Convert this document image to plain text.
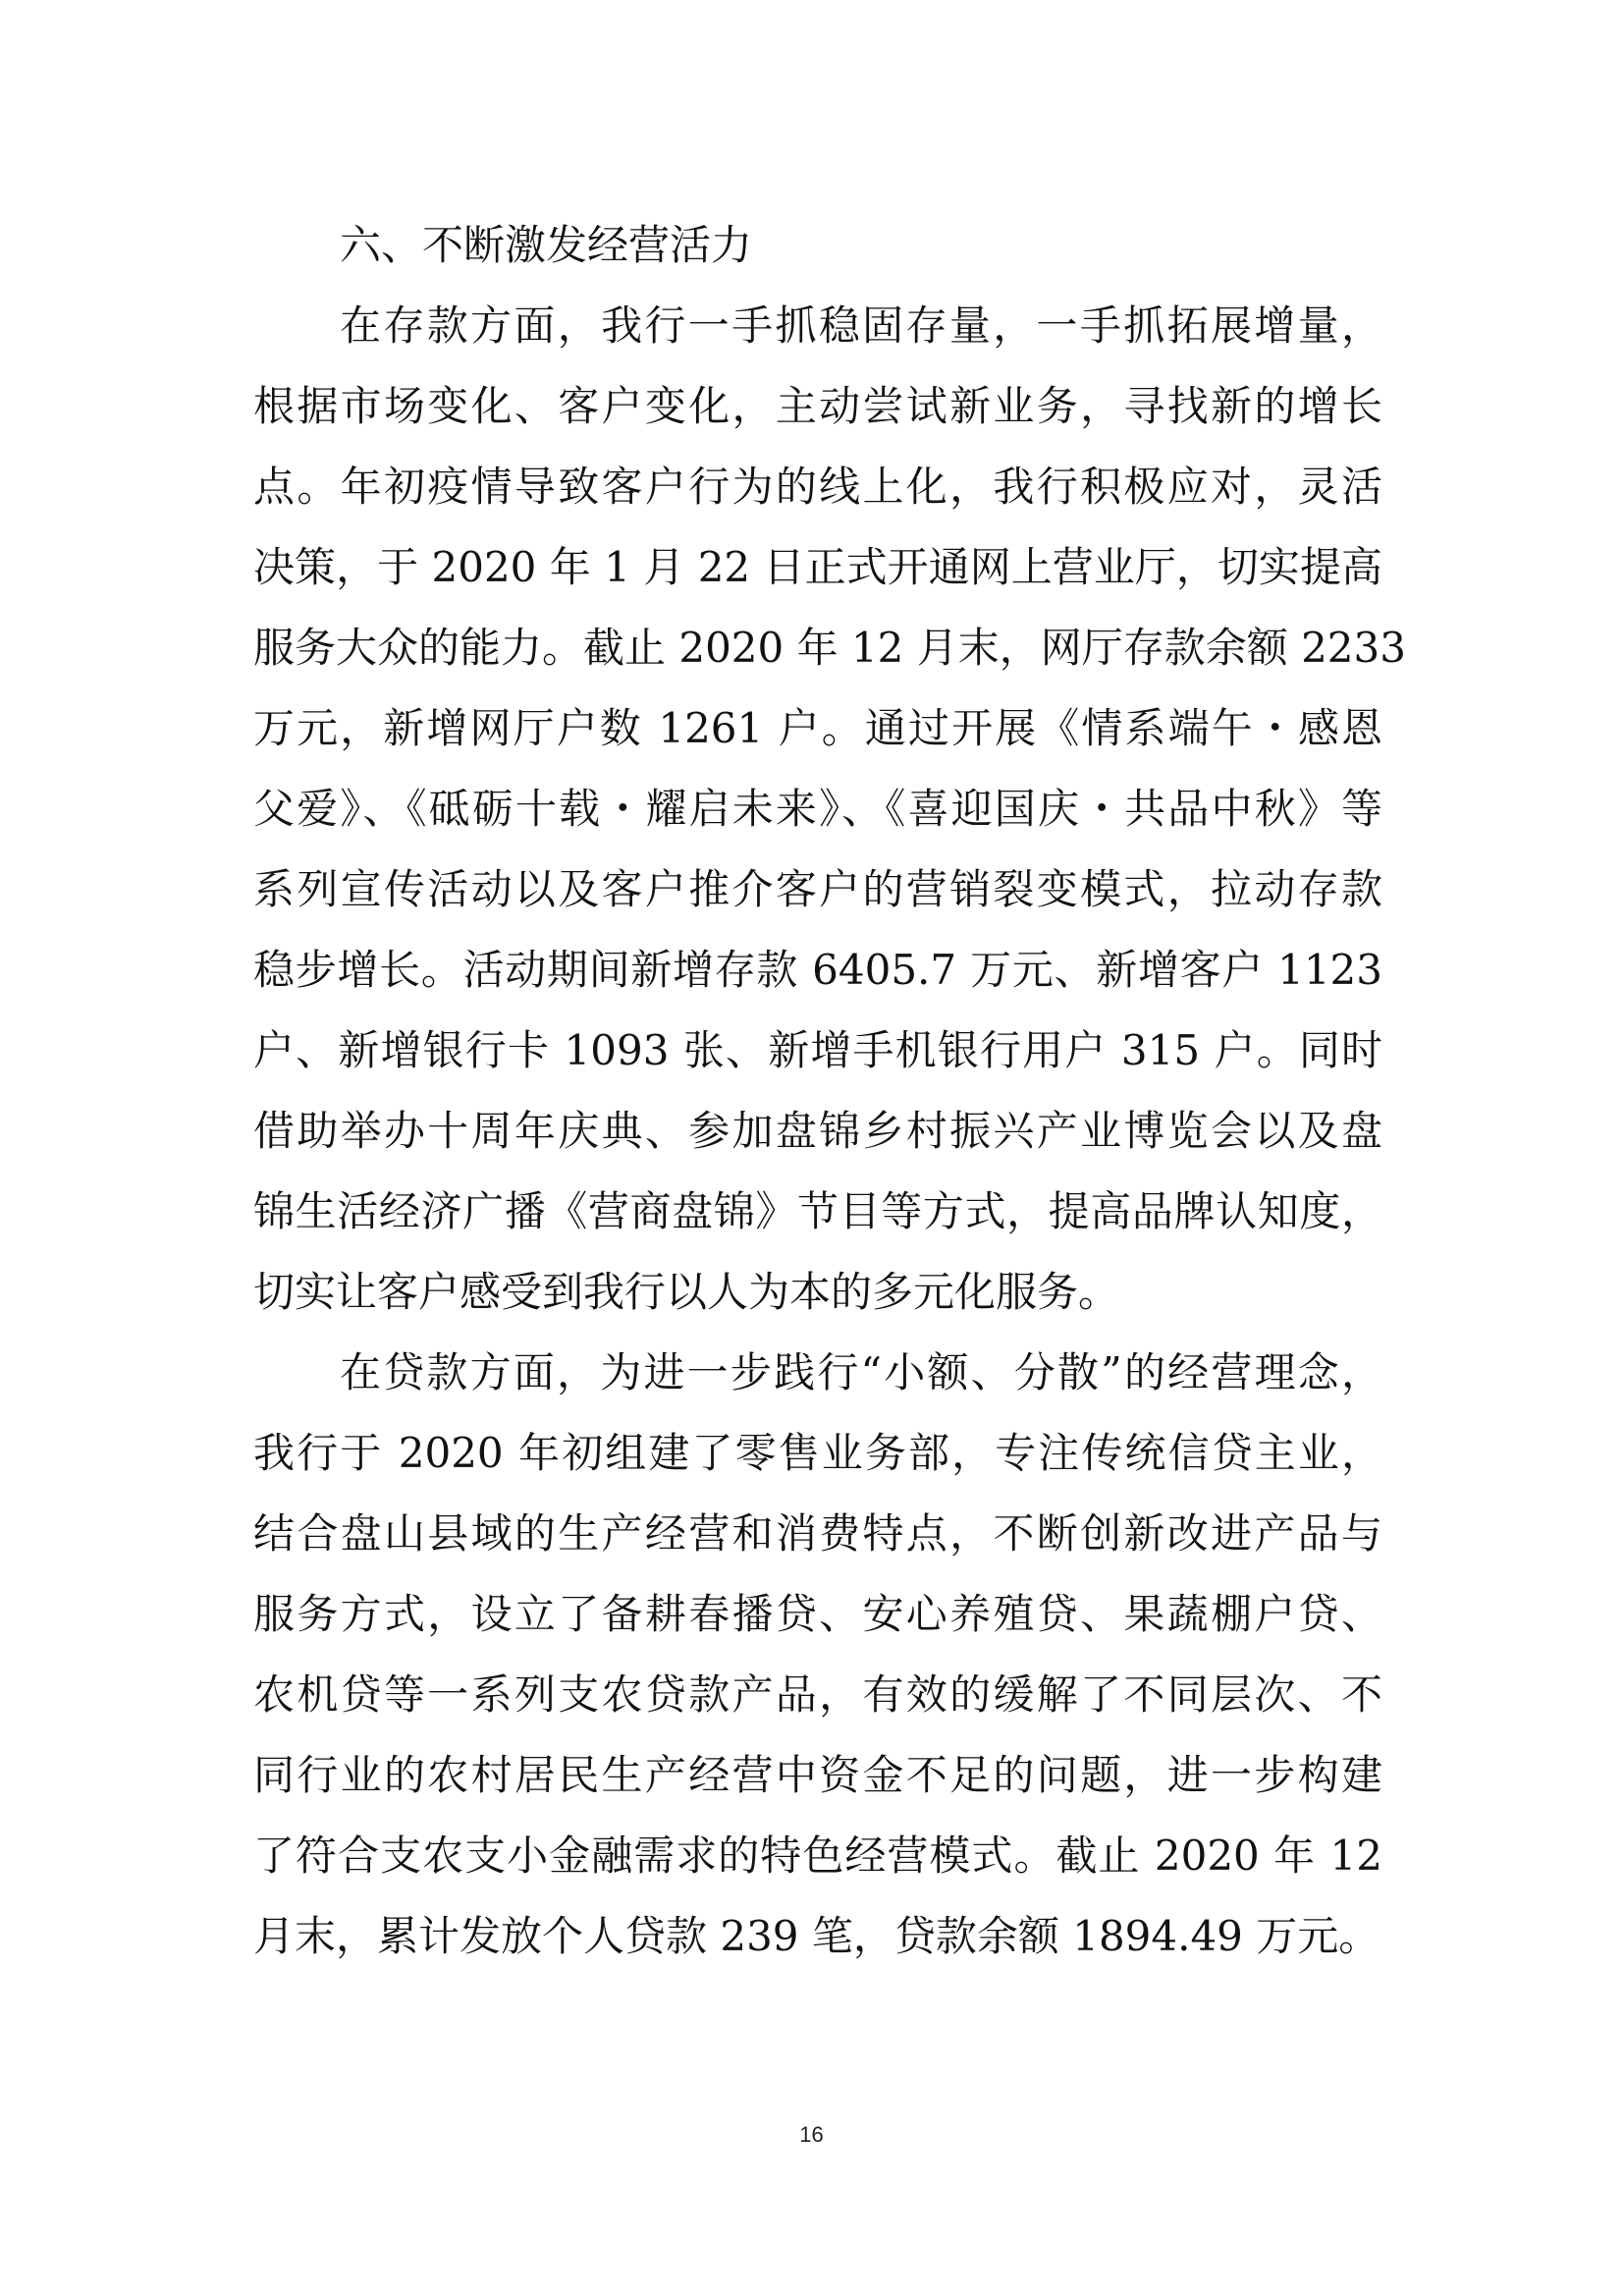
六、不断激发经营活力
在存款方面，我行一手抓稳固存量，一手抓拓展增量，
根据市场变化、客户变化，主动尝试新业务，寻找新的增长
点。年初疫情导致客户行为的线上化，我行积极应对，灵活
决策，于 2020 年 1 月 22 日正式开通网上营业厅，切实提高
服务大众的能力。截止 2020 年 12 月末，网厅存款余额 2233
万元，新增网厅户数 1261 户。通过开展《情系端午・感恩
父爱》、《砥砺十载・耀启未来》、《喜迎国庆・共品中秋》等
系列宣传活动以及客户推介客户的营销裂变模式，拉动存款
稳步增长。活动期间新增存款 6405.7 万元、新增客户 1123
户、新增银行卡 1093 张、新增手机银行用户 315 户。同时
借助举办十周年庆典、参加盘锦乡村振兴产业博览会以及盘
锦生活经济广播《营商盘锦》节目等方式，提高品牌认知度，
切实让客户感受到我行以人为本的多元化服务。
在贷款方面，为进一步践行“小额、分散”的经营理念，
我行于 2020 年初组建了零售业务部，专注传统信贷主业，
结合盘山县域的生产经营和消费特点，不断创新改进产品与
服务方式，设立了备耕春播贷、安心养殖贷、果蔬棚户贷、
农机贷等一系列支农贷款产品，有效的缓解了不同层次、不
同行业的农村居民生产经营中资金不足的问题，进一步构建
了符合支农支小金融需求的特色经营模式。截止 2020 年 12
月末，累计发放个人贷款 239 笔，贷款余额 1894.49 万元。
16
